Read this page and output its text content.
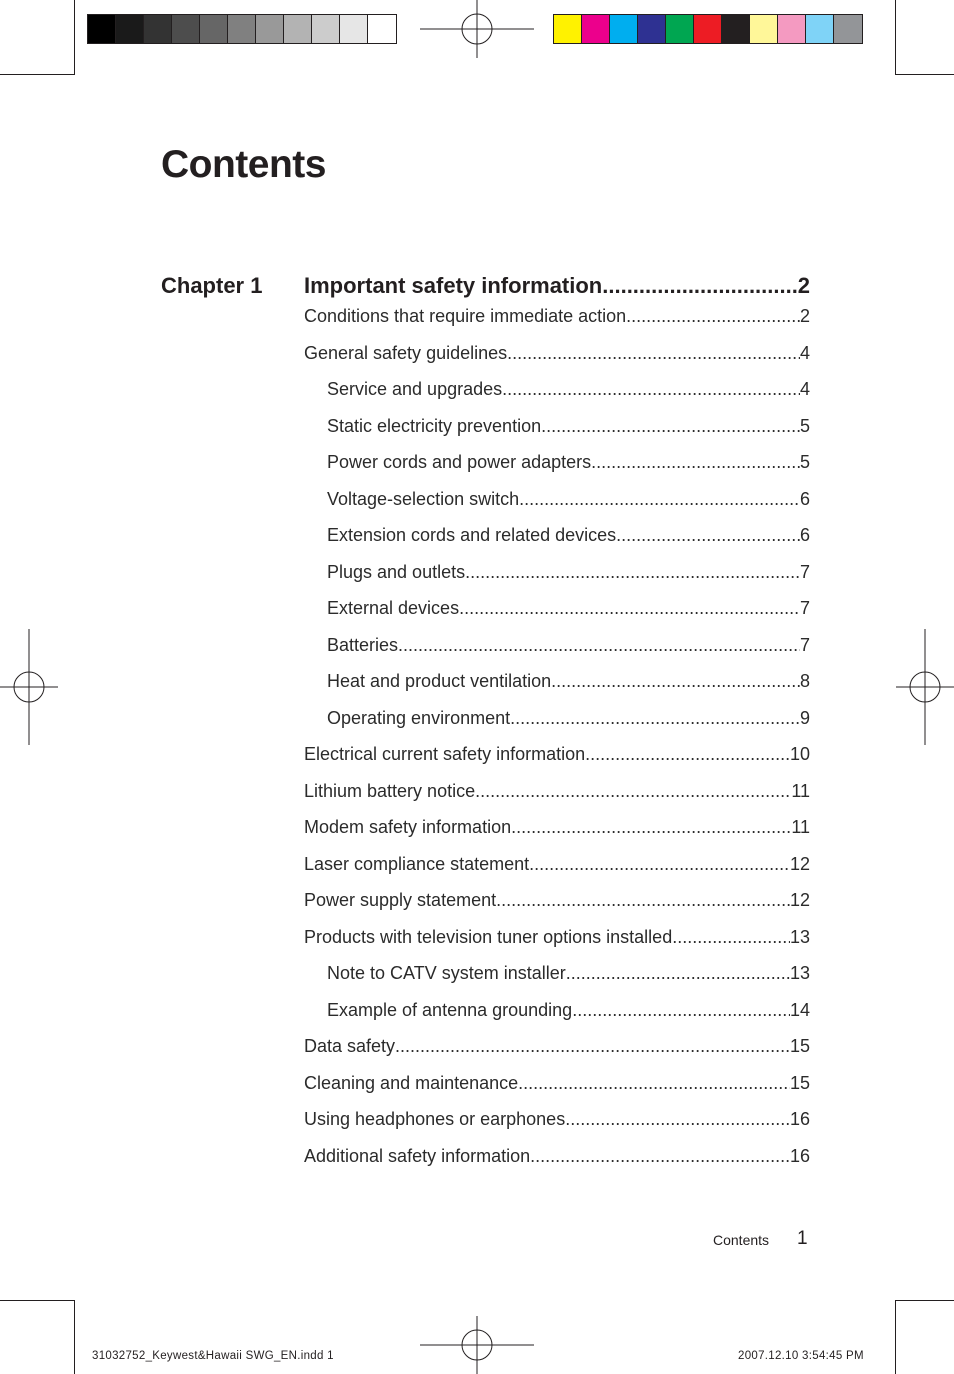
Contents
Chapter 1 Important safety information .....	2
Conditions that require immediate action .....	2
General safety guidelines .....	4
Service and upgrades .....	4
Static electricity prevention .....	5
Power cords and power adapters .....	5
Voltage-selection switch .....	6
Extension cords and related devices .....	6
Plugs and outlets .....	7
External devices .....	7
Batteries .....	7
Heat and product ventilation .....	8
Operating environment .....	9
Electrical current safety information .....	10
Lithium battery notice .....	11
Modem safety information .....	11
Laser compliance statement .....	12
Power supply statement .....	12
Products with television tuner options installed .....	13
Note to CATV system installer .....	13
Example of antenna grounding .....	14
Data safety .....	15
Cleaning and maintenance .....	15
Using headphones or earphones .....	16
Additional safety information .....	16
Contents 1
31032752_Keywest&Hawaii SWG_EN.indd 1	2007.12.10 3:54:45 PM
